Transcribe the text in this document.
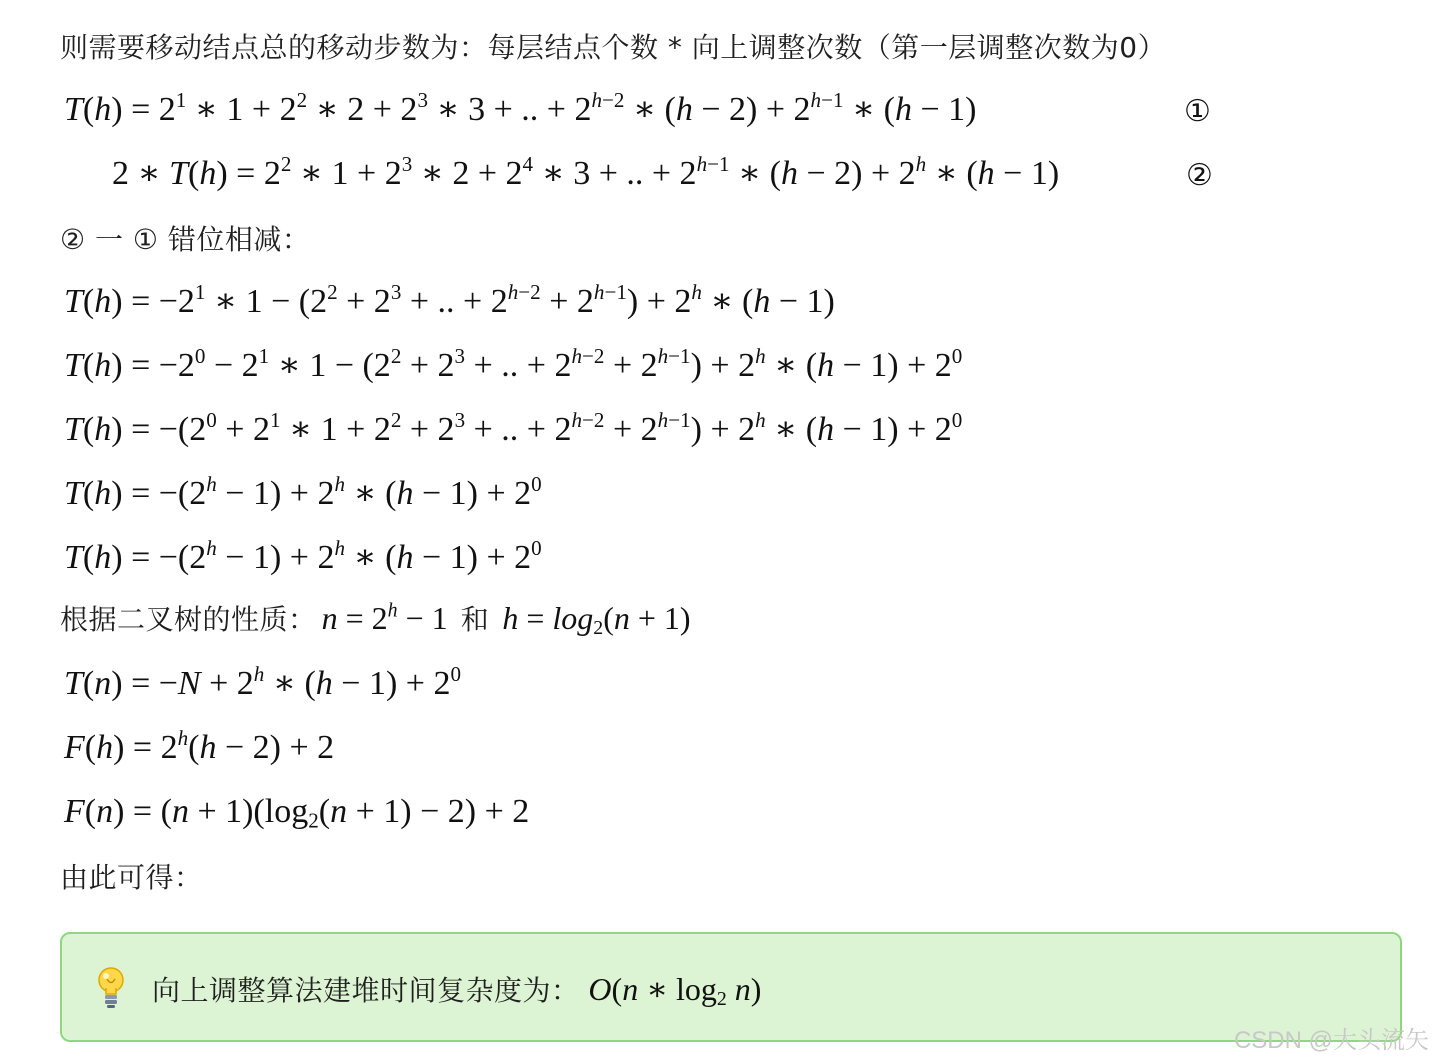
则需要移动结点总的移动步数为：每层结点个数 * 向上调整次数（第一层调整次数为0）
$T(h) = 2^1$ ∗ $1 + 2^2$ ∗ $2 + 2^3$ ∗ 3 + .. + $2^{h-2}$ ∗ $(h - 2) + 2^{h-1}$ ∗ (h − 1)	①
2 ∗ $T(h) = 2^2$ ∗ $1 + 2^3$ ∗ $2 + 2^4$ ∗ 3 + .. + $2^{h-1}$ ∗ $(h - 2) + 2^h$ ∗ (h − 1)	②
② 一 ① 错位相减：
$T(h) = -2^1$ ∗ $1 - (2^2 + 2^3$ + .. + $2^{h-2} + 2^{h-1}) + 2^h$ ∗ (h − 1)
$T(h) = -2^0 - 2^1$ ∗ $1 - (2^2 + 2^3$ + .. + $2^{h-2} + 2^{h-1}) + 2^h$ ∗ $(h - 1) + 2^0$
$T(h) = -(2^0 + 2^1$ ∗ $1 + 2^2 + 2^3$ + .. + $2^{h-2} + 2^{h-1}) + 2^h$ ∗ $(h - 1) + 2^0$
$T(h) = -(2^h - 1) + 2^h$ ∗ $(h - 1) + 2^0$
$T(h) = -(2^h - 1) + 2^h$ ∗ $(h - 1) + 2^0$
根据二叉树的性质： $n = 2^h - 1$ 和 $h = \log_2(n + 1)$
$T(n) = -N + 2^h$ ∗ $(h - 1) + 2^0$
$F(h) = 2^h(h - 2) + 2$
$F(n) = (n + 1)(\log_2(n + 1) - 2) + 2$
由此可得：
向上调整算法建堆时间复杂度为： O(n ∗ $\log_2 n$)
CSDN @大头流矢
